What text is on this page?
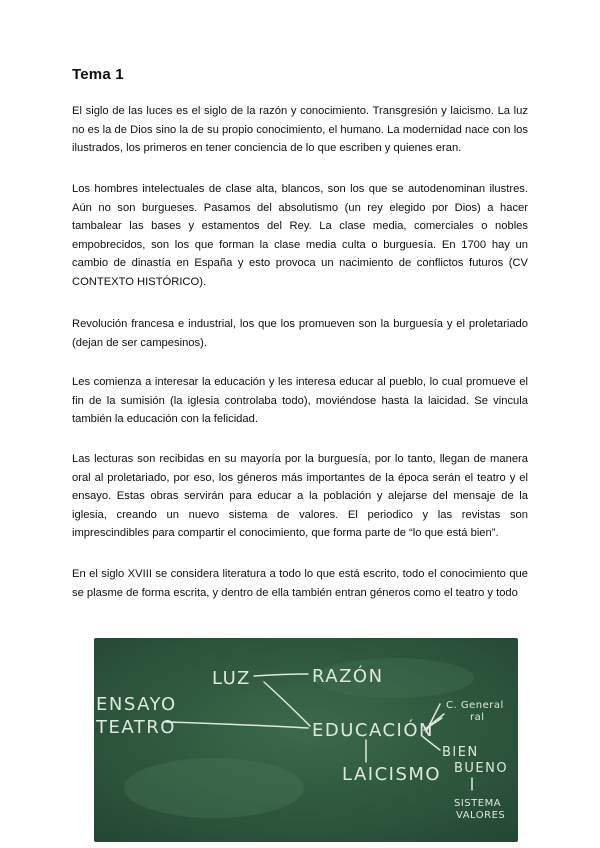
Tema 1

El siglo de las luces es el siglo de la razón y conocimiento. Transgresión y laicismo. La luz no es la de Dios sino la de su propio conocimiento, el humano. La modernidad nace con los ilustrados, los primeros en tener conciencia de lo que escriben y quienes eran.

Los hombres intelectuales de clase alta, blancos, son los que se autodenominan ilustres. Aún no son burgueses. Pasamos del absolutismo (un rey elegido por Dios) a hacer tambalear las bases y estamentos del Rey. La clase media, comerciales o nobles empobrecidos, son los que forman la clase media culta o burguesía. En 1700 hay un cambio de dinastía en España y esto provoca un nacimiento de conflictos futuros (CV CONTEXTO HISTÓRICO).

Revolución francesa e industrial, los que los promueven son la burguesía y el proletariado (dejan de ser campesinos).

Les comienza a interesar la educación y les interesa educar al pueblo, lo cual promueve el fin de la sumisión (la iglesia controlaba todo), moviéndose hasta la laicidad. Se vincula también la educación con la felicidad.

Las lecturas son recibidas en su mayoría por la burguesía, por lo tanto, llegan de manera oral al proletariado, por eso, los géneros más importantes de la época serán el teatro y el ensayo. Estas obras servirán para educar a la población y alejarse del mensaje de la iglesia, creando un nuevo sistema de valores. El periodico y las revistas son imprescindibles para compartir el conocimiento, que forma parte de “lo que está bien”.

En el siglo XVIII se considera literatura a todo lo que está escrito, todo el conocimiento que se plasme de forma escrita, y dentro de ella también entran géneros como el teatro y todo

LUZ	RAZÓN
ENSAYO
TEATRO	EDUCACIÓN
C. General
ral
BIEN
BUENO
LAICISMO
SISTEMA
VALORES
